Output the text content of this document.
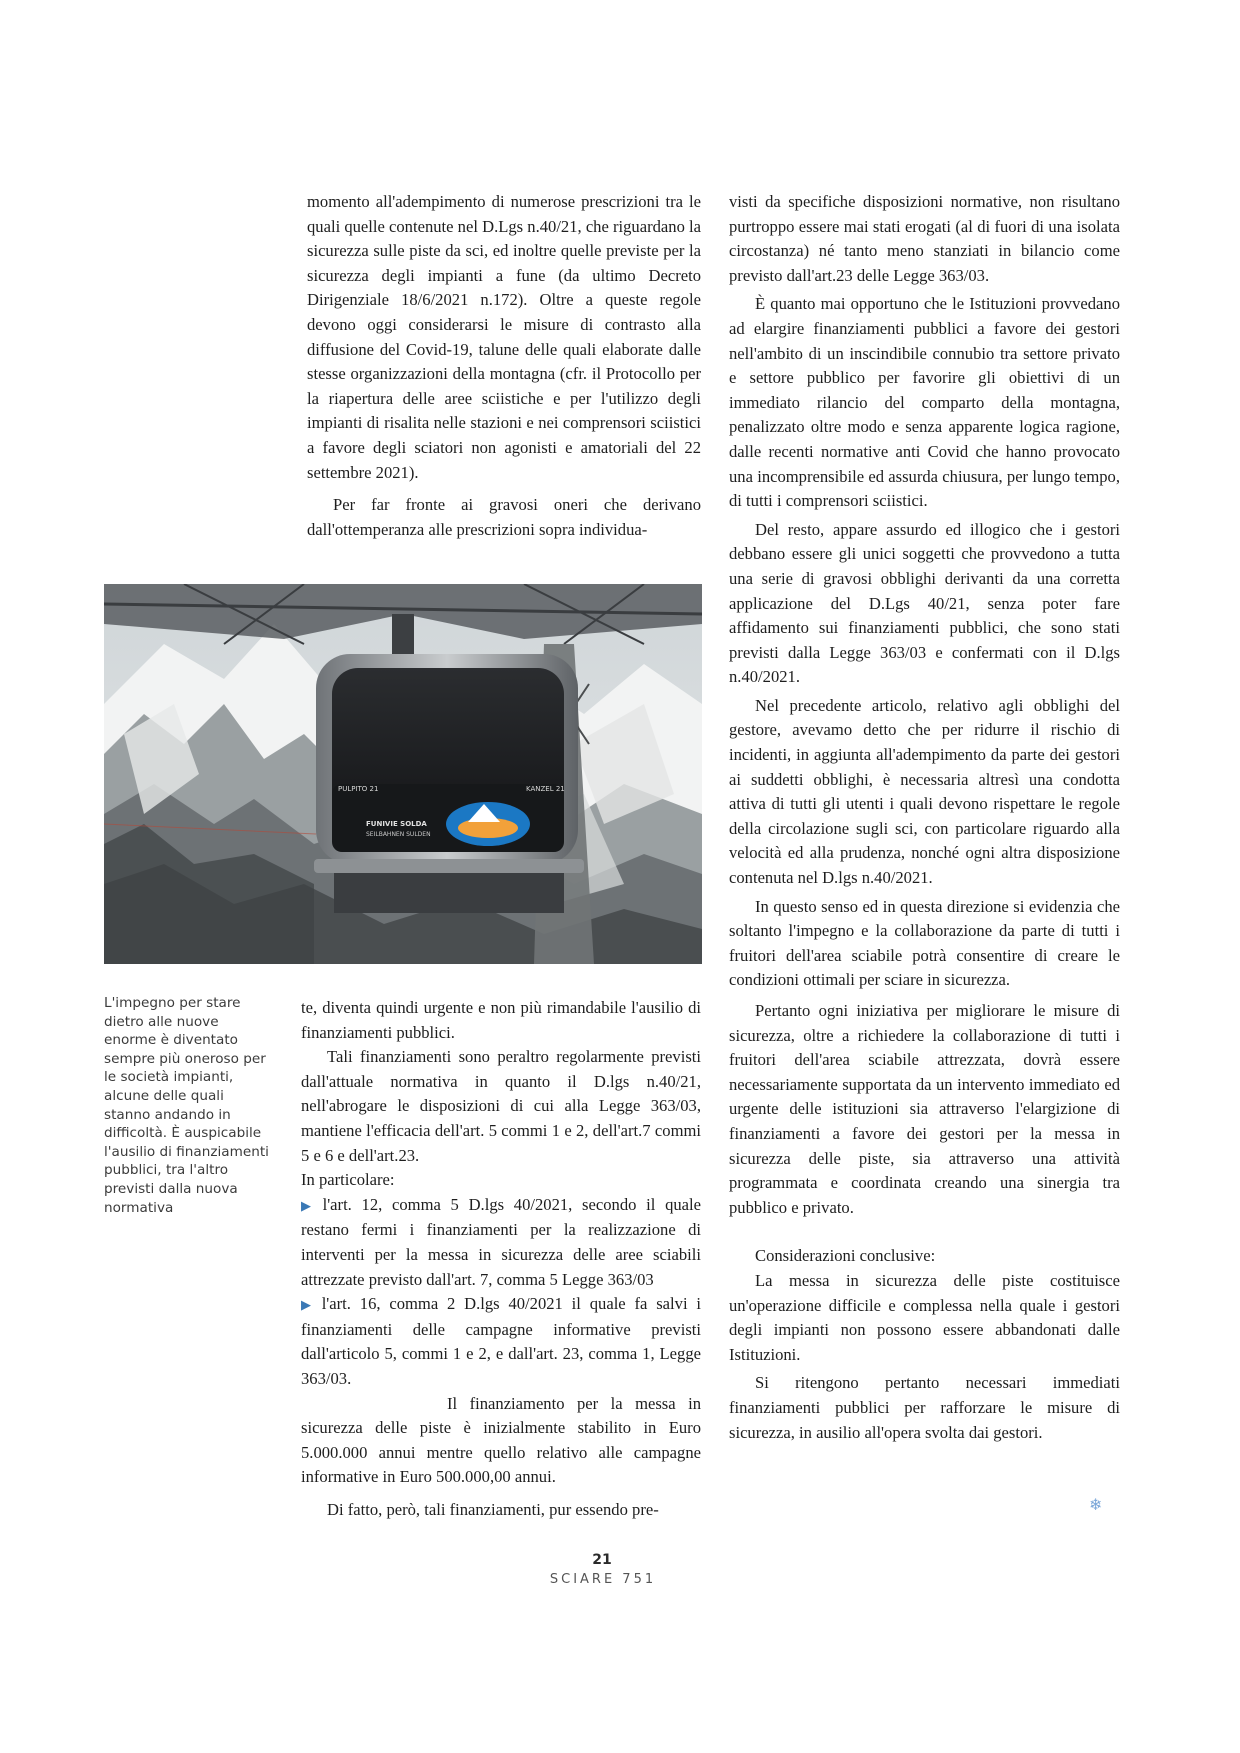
momento all'adempimento di numerose prescrizioni tra le quali quelle contenute nel D.Lgs n.40/21, che riguardano la sicurezza sulle piste da sci, ed inoltre quelle previste per la sicurezza degli impianti a fune (da ultimo Decreto Dirigenziale 18/6/2021 n.172). Oltre a queste regole devono oggi considerarsi le misure di contrasto alla diffusione del Covid-19, talune delle quali elaborate dalle stesse organizzazioni della montagna (cfr. il Protocollo per la riapertura delle aree sciistiche e per l'utilizzo degli impianti di risalita nelle stazioni e nei comprensori sciistici a favore degli sciatori non agonisti e amatoriali del 22 settembre 2021).

Per far fronte ai gravosi oneri che derivano dall'ottemperanza alle prescrizioni sopra individua-

PULPITO 21	KANZEL 21
FUNIVIE SOLDA
SEILBAHNEN SULDEN

L'impegno per stare dietro alle nuove enorme è diventato sempre più oneroso per le società impianti, alcune delle quali stanno andando in difficoltà. È auspicabile l'ausilio di finanziamenti pubblici, tra l'altro previsti dalla nuova normativa

te, diventa quindi urgente e non più rimandabile l'ausilio di finanziamenti pubblici.

Tali finanziamenti sono peraltro regolarmente previsti dall'attuale normativa in quanto il D.lgs n.40/21, nell'abrogare le disposizioni di cui alla Legge 363/03, mantiene l'efficacia dell'art. 5 commi 1 e 2, dell'art.7 commi 5 e 6 e dell'art.23.

In particolare:

▶ l'art. 12, comma 5 D.lgs 40/2021, secondo il quale restano fermi i finanziamenti per la realizzazione di interventi per la messa in sicurezza delle aree sciabili attrezzate previsto dall'art. 7, comma 5 Legge 363/03

▶ l'art. 16, comma 2 D.lgs 40/2021 il quale fa salvi i finanziamenti delle campagne informative previsti dall'articolo 5, commi 1 e 2, e dall'art. 23, comma 1, Legge 363/03.

Il finanziamento per la messa in sicurezza delle piste è inizialmente stabilito in Euro 5.000.000 annui mentre quello relativo alle campagne informative in Euro 500.000,00 annui.

Di fatto, però, tali finanziamenti, pur essendo pre-

visti da specifiche disposizioni normative, non risultano purtroppo essere mai stati erogati (al di fuori di una isolata circostanza) né tanto meno stanziati in bilancio come previsto dall'art.23 delle Legge 363/03.

È quanto mai opportuno che le Istituzioni provvedano ad elargire finanziamenti pubblici a favore dei gestori nell'ambito di un inscindibile connubio tra settore privato e settore pubblico per favorire gli obiettivi di un immediato rilancio del comparto della montagna, penalizzato oltre modo e senza apparente logica ragione, dalle recenti normative anti Covid che hanno provocato una incomprensibile ed assurda chiusura, per lungo tempo, di tutti i comprensori sciistici.

Del resto, appare assurdo ed illogico che i gestori debbano essere gli unici soggetti che provvedono a tutta una serie di gravosi obblighi derivanti da una corretta applicazione del D.Lgs 40/21, senza poter fare affidamento sui finanziamenti pubblici, che sono stati previsti dalla Legge 363/03 e confermati con il D.lgs n.40/2021.

Nel precedente articolo, relativo agli obblighi del gestore, avevamo detto che per ridurre il rischio di incidenti, in aggiunta all'adempimento da parte dei gestori ai suddetti obblighi, è necessaria altresì una condotta attiva di tutti gli utenti i quali devono rispettare le regole della circolazione sugli sci, con particolare riguardo alla velocità ed alla prudenza, nonché ogni altra disposizione contenuta nel D.lgs n.40/2021.

In questo senso ed in questa direzione si evidenzia che soltanto l'impegno e la collaborazione da parte di tutti i fruitori dell'area sciabile potrà consentire di creare le condizioni ottimali per sciare in sicurezza.

Pertanto ogni iniziativa per migliorare le misure di sicurezza, oltre a richiedere la collaborazione di tutti i fruitori dell'area sciabile attrezzata, dovrà essere necessariamente supportata da un intervento immediato ed urgente delle istituzioni sia attraverso l'elargizione di finanziamenti a favore dei gestori per la messa in sicurezza delle piste, sia attraverso una attività programmata e coordinata creando una sinergia tra pubblico e privato.

Considerazioni conclusive:

La messa in sicurezza delle piste costituisce un'operazione difficile e complessa nella quale i gestori degli impianti non possono essere abbandonati dalle Istituzioni.

Si ritengono pertanto necessari immediati finanziamenti pubblici per rafforzare le misure di sicurezza, in ausilio all'opera svolta dai gestori.

❄
21
SCIARE 751
